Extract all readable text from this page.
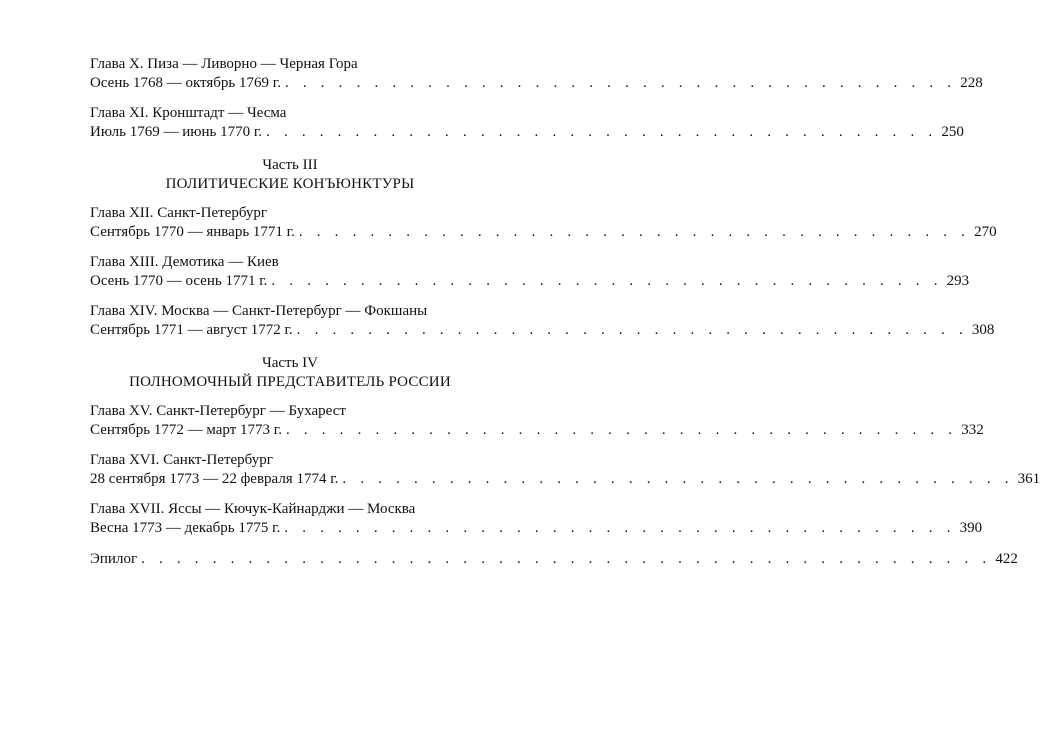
Глава X. Пиза — Ливорно — Черная Гора
Осень 1768 — октябрь 1769 г. . . . . . . . . . . . . . . . . . . . . . . . . . . . . . . . . . . . . . . 228
Глава XI. Кронштадт — Чесма
Июль 1769 — июнь 1770 г. . . . . . . . . . . . . . . . . . . . . . . . . . . . . . . . . . . . . . . 250
Часть III
ПОЛИТИЧЕСКИЕ КОНЪЮНКТУРЫ
Глава XII. Санкт-Петербург
Сентябрь 1770 — январь 1771 г. . . . . . . . . . . . . . . . . . . . . . . . . . . . . . . . . . . . . . . 270
Глава XIII. Демотика — Киев
Осень 1770 — осень 1771 г. . . . . . . . . . . . . . . . . . . . . . . . . . . . . . . . . . . . . . . 293
Глава XIV. Москва — Санкт-Петербург — Фокшаны
Сентябрь 1771 — август 1772 г. . . . . . . . . . . . . . . . . . . . . . . . . . . . . . . . . . . . . . . 308
Часть IV
ПОЛНОМОЧНЫЙ ПРЕДСТАВИТЕЛЬ РОССИИ
Глава XV. Санкт-Петербург — Бухарест
Сентябрь 1772 — март 1773 г. . . . . . . . . . . . . . . . . . . . . . . . . . . . . . . . . . . . . . . 332
Глава XVI. Санкт-Петербург
28 сентября 1773 — 22 февраля 1774 г. . . . . . . . . . . . . . . . . . . . . . . . . . . . . . . . . . . . . . . 361
Глава XVII. Яссы — Кючук-Кайнарджи — Москва
Весна 1773 — декабрь 1775 г. . . . . . . . . . . . . . . . . . . . . . . . . . . . . . . . . . . . . . . 390
Эпилог . . . . . . . . . . . . . . . . . . . . . . . . . . . . . . . . . . . . . . . . . . . . . . . . 422
